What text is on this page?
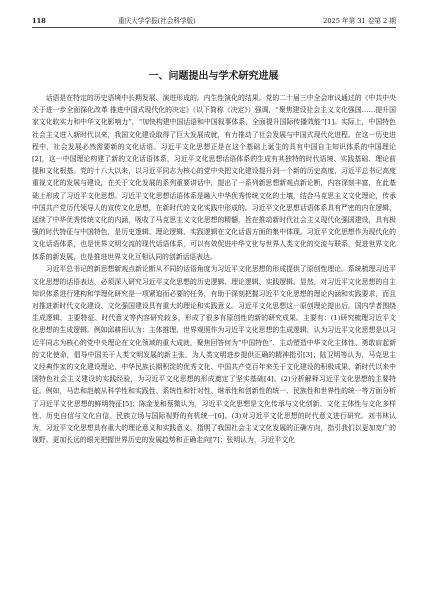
118	重庆大学学报(社会科学版)	2025 年第 31 卷第 2 期
一、问题提出与学术研究进展

话语是在特定的历史语境中长期发展、演进形成的，内生性演化的结果。党的二十届三中全会审议通过的《中共中央关于进一步全面深化改革 推进中国式现代化的决定》（以下简称《决定》）强调，“聚焦建设社会主义文化强国……提升国家文化软实力和中华文化影响力”，“加快构建中国话语和中国叙事体系，全面提升国际传播效能”[1]。实际上，中国特色社会主义进入新时代以来，我国文化建设取得了巨大发展成就，有力推动了社会发展与中国式现代化进程。在这一历史进程中，社会发展必然需要新的文化话语。习近平文化思想正是在这个基础上诞生的具有中国自主知识体系的中国理论[2]，这一中国理论构建了新的文化话语体系，习近平文化思想话语体系的生成有其独特的时代语境、实践基础、理论前提和文化根基。党的十八大以来，以习近平同志为核心的党中央把文化建设提升到一个新的历史高度，习近平总书记高度重视文化的发展与建设，在关于文化发展的系列重要讲话中，提出了一系列新思想新观点新论断，内容深刻丰富，在此基础上形成了习近平文化思想。习近平文化思想话语体系是融入中华优秀传统文化的土壤，结合马克思主义文化理论，传承中国共产党历代领导人的宣传文化思想，在新时代的文化实践中形成的。习近平文化思想话语体系具有严密的内在逻辑，延续了中华优秀传统文化的内涵，吸收了马克思主义文化思想的精髓，旨在推动新时代社会主义现代化强国建设，具有极强的时代特征与中国特色，是历史逻辑、理论逻辑、实践逻辑在文化话语方面的集中体现。习近平文化思想作为现代化的文化话语体系，也是世界文明交流的现代话语体系，可以有效促进中华文化与世界人类文化的交流与联系，促进世界文化体系的新发展，也是推进世界文化互相认同的创新话语表达。

习近平总书记的新思想新观点新论断从不同的话语角度为习近平文化思想的形成提供了原创性理论。系统梳理习近平文化思想的话语表达，必须深入研究习近平文化思想的历史逻辑、理论逻辑、实践逻辑。显然，对习近平文化思想的自主知识体系进行建构和学理化研究是一项紧迫而必要的任务，有助于深刻把握习近平文化思想的理论内涵和实践要求，而且对推进新时代文化建设、文化强国建设具有重大的理论和实践意义。习近平文化思想这一原创理论提出后，国内学者围绕生成逻辑、主要特征、时代意义等内容研究较多，形成了很多有原创性的新的研究成果。主要有：(1)研究梳理习近平文化思想的生成逻辑。例如邱耕田认为：主体推理、世界观照作为习近平文化思想的生成逻辑，认为习近平文化思想是以习近平同志为核心的党中央理论在文化领域的重大成就，聚焦回答何为“中国特色”、主动塑造中华文化主体性、勇敢肩起新的文化使命，倡导中国关于人类文明发展的新主张，为人类文明进步提供正确的精神指引[3]；陆卫明等认为，马克思主义经典作家的文化建设理论、中华民族长期积淀的优秀文化、中国共产党百年来关于文化建设的积极成果、新时代以来中国特色社会主义建设的实践经验，为习近平文化思想的形成奠定了坚实基础[4]。(2)分析解释习近平文化思想的主要特征。例如，马忠和赵敏从科学性和实践性、系统性和针对性、继承性和创新性的统一、民族性和世界性的统一等方面分析了习近平文化思想的鲜明特征[5]；陈金龙和蔡微认为，习近平文化思想是文化传承与文化创新、文化主体性与文化多样性、历史自信与文化自信、民族立场与国际视野的有机统一[6]。(3)对习近平文化思想的时代意义进行研究。刘书林认为，习近平文化思想具有重大的理论意义和实践意义，指明了我国社会主义文化发展的正确方向，指引我们以更加宽广的视野、更加长远的眼光把握世界历史的发展趋势和正确走向[7]；张明认为，习近平文化
